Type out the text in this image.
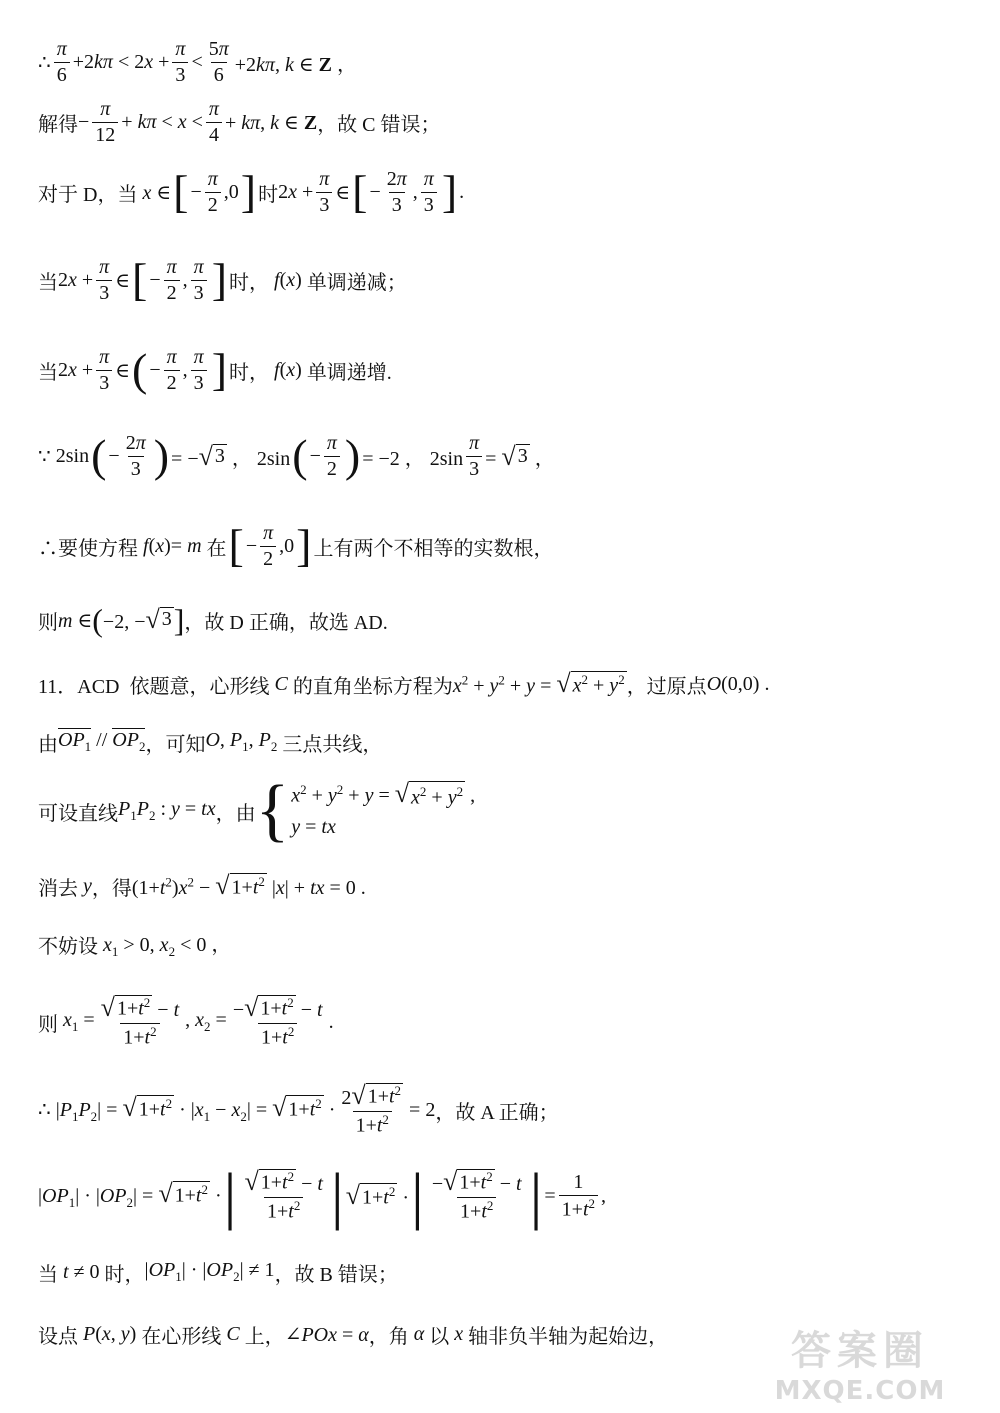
∴ $\frac{\pi}{6} +2k\pi < 2x + \frac{\pi}{3} < \frac{5\pi}{6} +2k\pi$, k ∈ Z ，
解得 − $\frac{\pi}{12} + k\pi < x < \frac{\pi}{4} + k\pi$, k ∈ Z ，故 C 错误；
对于 D，当 x ∈ [ − $\frac{\pi}{2} ,0$ ] 时 $2x + \frac{\pi}{3}$ ∈ [ − $\frac{2\pi}{3}$ , $\frac{\pi}{3}$ ] .
当 $2x + \frac{\pi}{3}$ ∈ [ − $\frac{\pi}{2}$ , $\frac{\pi}{3}$ ] 时， f(x) 单调递减；
当 $2x + \frac{\pi}{3}$ ∈ ( − $\frac{\pi}{2}$ , $\frac{\pi}{3}$ ] 时， f(x) 单调递增.
∵ 2sin ( − $\frac{2\pi}{3}$ ) = − √ 3 ， 2sin ( − $\frac{\pi}{2}$ ) = −2 ， $2\sin \frac{\pi}{3}$ = √ 3 ，
∴要使方程 f(x)= m 在 [ − $\frac{\pi}{2} ,0$ ] 上有两个不相等的实数根，
则 m ∈ ( −2, − √ 3 ] ，故 D 正确，故选 AD.
11．ACD
依题意，心形线 C 的直角坐标方程为 $x^2 + y^2 + y$ = √ $x^2 + y^2$ ，过原点 O(0,0) .
由 $OP_1 // OP_2$ ，可知 O, $P_1$, $P_2$ 三点共线，
可设直线 $P_1P_2$ : y = tx ，由 { $x^2 + y^2 + y$ = √ $x^2 + y^2$ ,
y = tx
消去 y ，得 $(1+t^2)x^2$ − √ $1+t^2$ |x| + tx = 0 .
不妨设 $x_1 > 0$, $x_2 < 0$ ，
则 $x_1 = \frac{√ 1+t^2 - t}{1+t^2}$ , $x_2 = \frac{- √ 1+t^2 - t}{1+t^2}$ .
∴ $|P_1P_2|$ = √ $1+t^2 \cdot |x_1 - x_2|$ = √ $1+t^2 \cdot \frac{2 √ 1+t^2}{1+t^2} = 2$ ，故 A 正确；
$|OP_1| \cdot |OP_2|$ = √ $1+t^2$ · | $\frac{√ 1+t^2 - t}{1+t^2}$ | √ $1+t^2$ · | $\frac{- √ 1+t^2 - t}{1+t^2}$ | = $\frac{1}{1+t^2}$ ,
当 t ≠ 0 时， $|OP_1| \cdot |OP_2| \ne 1$ ，故 B 错误；
设点 P(x, y) 在心形线 C 上， ∠POx = α ，角 α 以 x 轴非负半轴为起始边，	答案圈
MXQE.COM
